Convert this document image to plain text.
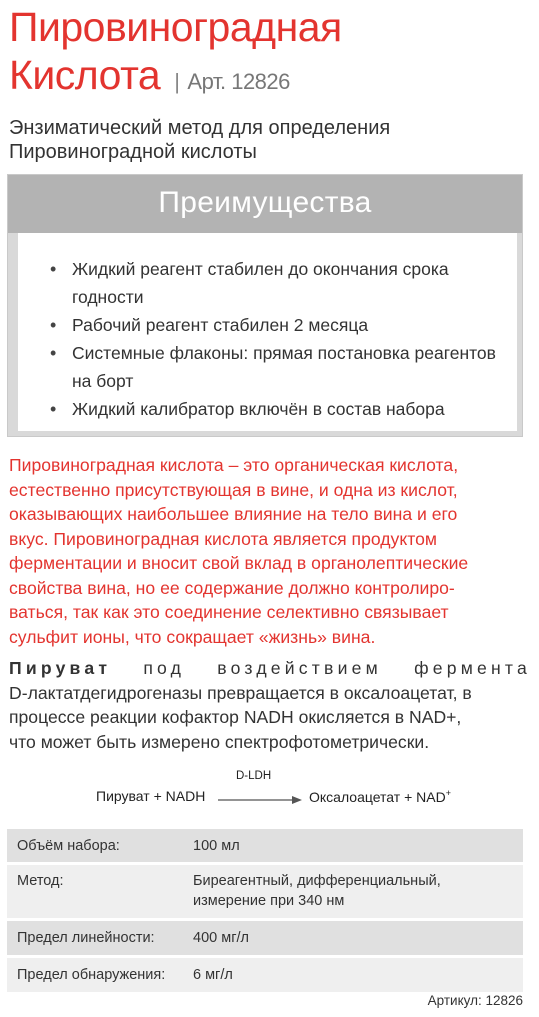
Пировиноградная
Кислота | Арт. 12826
Энзиматический метод для определения
Пировиноградной кислоты
Преимущества
• Жидкий реагент стабилен до окончания срока годности
• Рабочий реагент стабилен 2 месяца
• Системные флаконы: прямая постановка реагентов на борт
• Жидкий калибратор включён в состав набора
Пировиноградная кислота – это органическая кислота,
естественно присутствующая в вине, и одна из кислот,
оказывающих наибольшее влияние на тело вина и его
вкус. Пировиноградная кислота является продуктом
ферментации и вносит свой вклад в органолептические
свойства вина, но ее содержание должно контролиро-
ваться, так как это соединение селективно связывает
сульфит ионы, что сокращает «жизнь» вина.
Пируват под воздействием фермента
D-лактатдегидрогеназы превращается в оксалоацетат, в
процессе реакции кофактор NADH окисляется в NAD+,
что может быть измерено спектрофотометрически.
Пируват + NADH
D-LDH
Оксалоацетат + NAD+
Объём набора:	100 мл
Метод:	Биреагентный, дифференциальный,
измерение при 340 нм
Предел линейности:	400 мг/л
Предел обнаружения:	6 мг/л
Артикул: 12826
